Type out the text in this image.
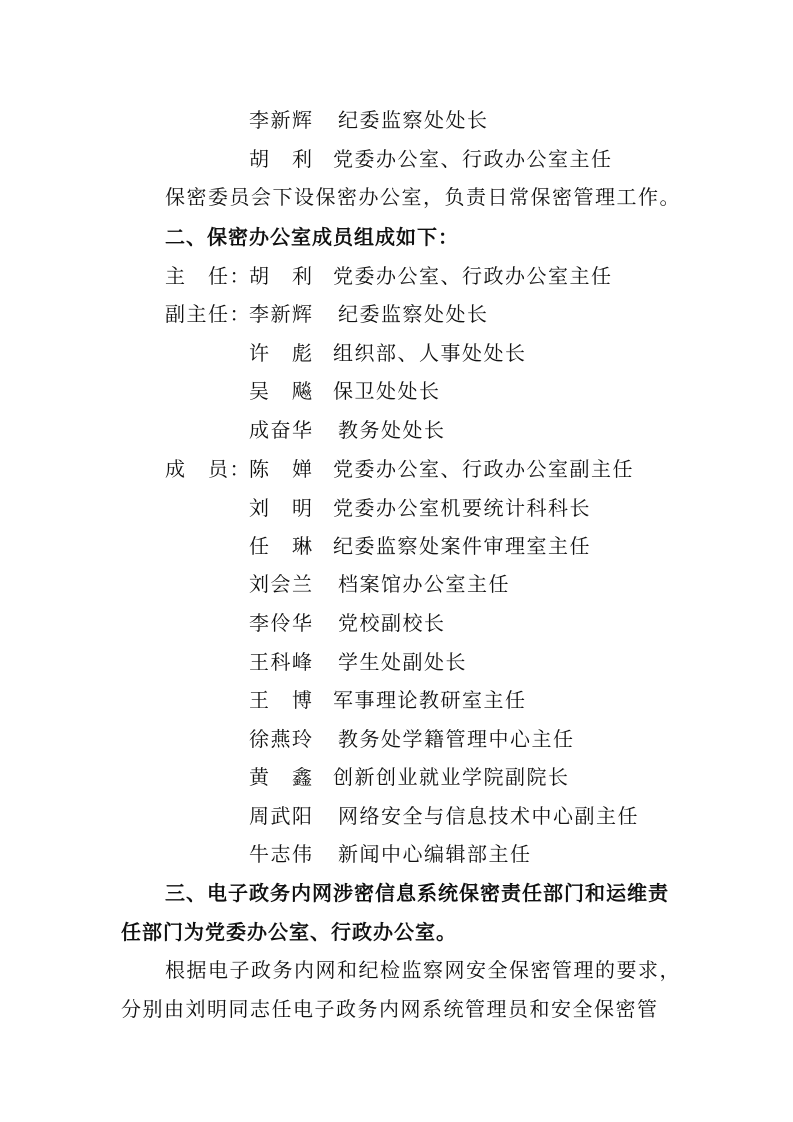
李新辉 纪委监察处处长
胡　利 党委办公室、行政办公室主任
保密委员会下设保密办公室，负责日常保密管理工作。
二、保密办公室成员组成如下：
主　任：
胡　利 党委办公室、行政办公室主任
副主任：
李新辉 纪委监察处处长
许　彪 组织部、人事处处长
吴　飚 保卫处处长
成奋华 教务处处长
成　员：
陈　婵 党委办公室、行政办公室副主任
刘　明 党委办公室机要统计科科长
任　琳 纪委监察处案件审理室主任
刘会兰 档案馆办公室主任
李伶华 党校副校长
王科峰 学生处副处长
王　博 军事理论教研室主任
徐燕玲 教务处学籍管理中心主任
黄　鑫 创新创业就业学院副院长
周武阳 网络安全与信息技术中心副主任
牛志伟 新闻中心编辑部主任
三、电子政务内网涉密信息系统保密责任部门和运维责
任部门为党委办公室、行政办公室。
根据电子政务内网和纪检监察网安全保密管理的要求，
分别由刘明同志任电子政务内网系统管理员和安全保密管
